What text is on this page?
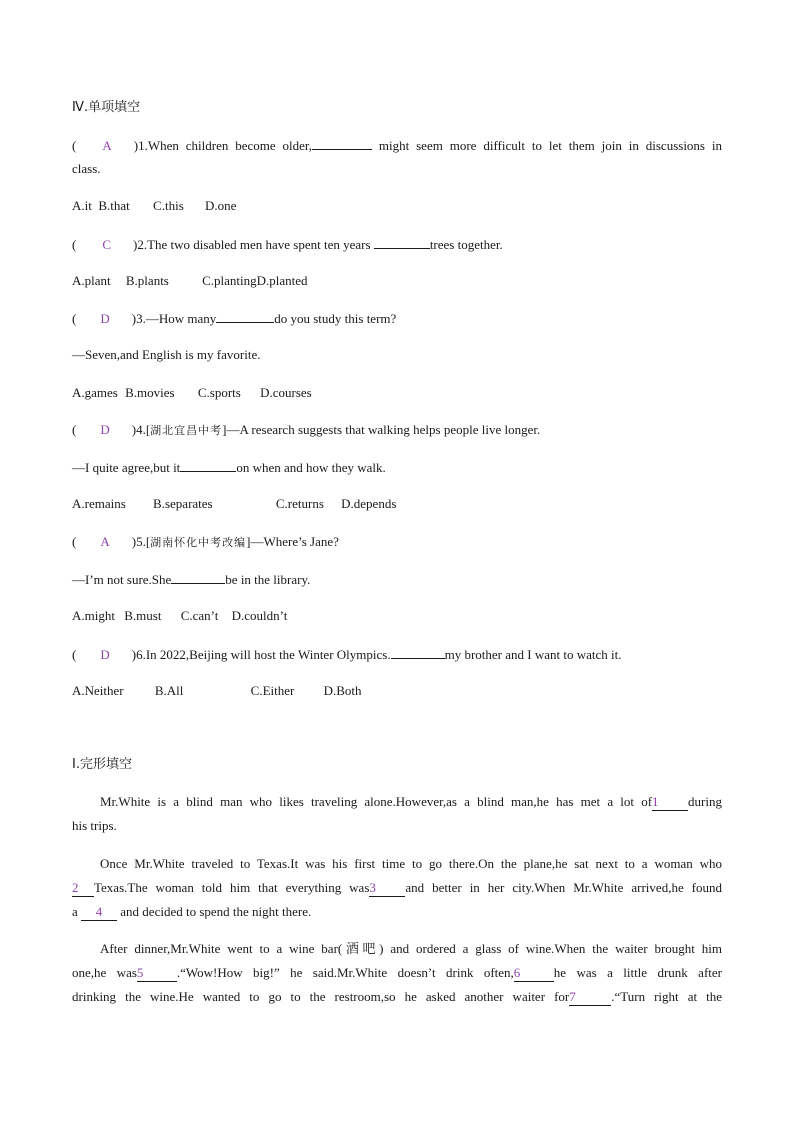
Ⅳ.单项填空
( A )1.When children become older,	might seem more difficult to let them join in discussions in
class.
A.it B.that C.this D.one
( C )2.The two disabled men have spent ten years	trees together.
A.plant B.plants	C.plantingD.planted
( D )3.—How many	do you study this term?
—Seven,and English is my favorite.
A.games B.movies C.sports D.courses
( D )4.[湖北宜昌中考]—A research suggests that walking helps people live longer.
—I quite agree,but it	on when and how they walk.
A.remains B.separates	C.returns D.depends
( A )5.[湖南怀化中考改编]—Where’s Jane?
—I’m not sure.She	be in the library.
A.might B.must C.can’t D.couldn’t
( D )6.In 2022,Beijing will host the Winter Olympics.	my brother and I want to watch it.
A.Neither B.All	C.Either D.Both
Ⅰ.完形填空
Mr.White is a blind man who likes traveling alone.However,as a blind man,he has met a lot of1 during
his trips.
Once Mr.White traveled to Texas.It was his first time to go there.On the plane,he sat next to a woman who
2 Texas.The woman told him that everything was3 and better in her city.When Mr.White arrived,he found
a 4 and decided to spend the night there.
After dinner,Mr.White went to a wine bar(酒吧) and ordered a glass of wine.When the waiter brought him
one,he was5	.“Wow!How big!” he said.Mr.White doesn’t drink often,6	he was a little drunk after
drinking the wine.He wanted to go to the restroom,so he asked another waiter for7	.“Turn right at the
